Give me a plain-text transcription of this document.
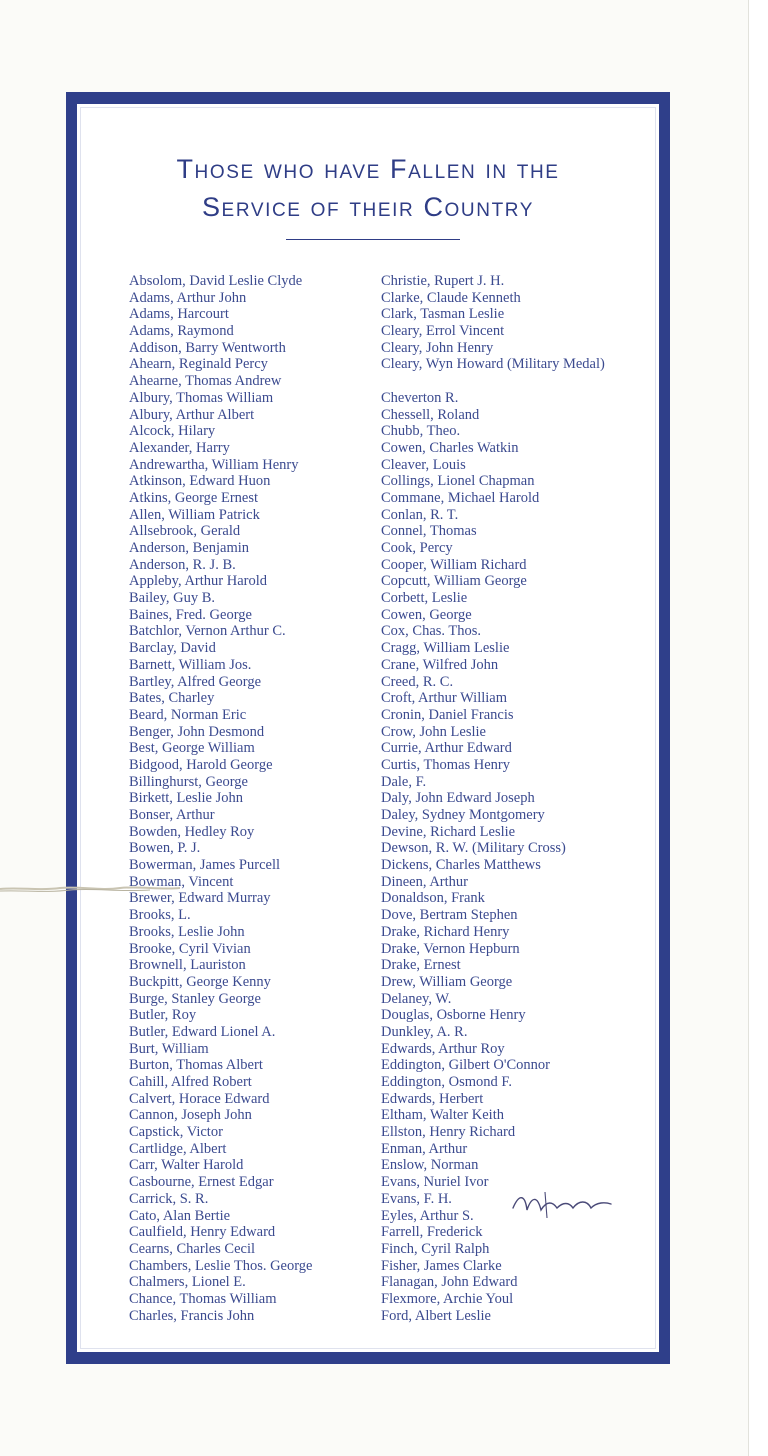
Those who have Fallen in the
Service of their Country
Absolom, David Leslie Clyde
Adams, Arthur John
Adams, Harcourt
Adams, Raymond
Addison, Barry Wentworth
Ahearn, Reginald Percy
Ahearne, Thomas Andrew
Albury, Thomas William
Albury, Arthur Albert
Alcock, Hilary
Alexander, Harry
Andrewartha, William Henry
Atkinson, Edward Huon
Atkins, George Ernest
Allen, William Patrick
Allsebrook, Gerald
Anderson, Benjamin
Anderson, R. J. B.
Appleby, Arthur Harold
Bailey, Guy B.
Baines, Fred. George
Batchlor, Vernon Arthur C.
Barclay, David
Barnett, William Jos.
Bartley, Alfred George
Bates, Charley
Beard, Norman Eric
Benger, John Desmond
Best, George William
Bidgood, Harold George
Billinghurst, George
Birkett, Leslie John
Bonser, Arthur
Bowden, Hedley Roy
Bowen, P. J.
Bowerman, James Purcell
Bowman, Vincent
Brewer, Edward Murray
Brooks, L.
Brooks, Leslie John
Brooke, Cyril Vivian
Brownell, Lauriston
Buckpitt, George Kenny
Burge, Stanley George
Butler, Roy
Butler, Edward Lionel A.
Burt, William
Burton, Thomas Albert
Cahill, Alfred Robert
Calvert, Horace Edward
Cannon, Joseph John
Capstick, Victor
Cartlidge, Albert
Carr, Walter Harold
Casbourne, Ernest Edgar
Carrick, S. R.
Cato, Alan Bertie
Caulfield, Henry Edward
Cearns, Charles Cecil
Chambers, Leslie Thos. George
Chalmers, Lionel E.
Chance, Thomas William
Charles, Francis John
Christie, Rupert J. H.
Clarke, Claude Kenneth
Clark, Tasman Leslie
Cleary, Errol Vincent
Cleary, John Henry
Cleary, Wyn Howard (Military Medal)
Cheverton R.
Chessell, Roland
Chubb, Theo.
Cowen, Charles Watkin
Cleaver, Louis
Collings, Lionel Chapman
Commane, Michael Harold
Conlan, R. T.
Connel, Thomas
Cook, Percy
Cooper, William Richard
Copcutt, William George
Corbett, Leslie
Cowen, George
Cox, Chas. Thos.
Cragg, William Leslie
Crane, Wilfred John
Creed, R. C.
Croft, Arthur William
Cronin, Daniel Francis
Crow, John Leslie
Currie, Arthur Edward
Curtis, Thomas Henry
Dale, F.
Daly, John Edward Joseph
Daley, Sydney Montgomery
Devine, Richard Leslie
Dewson, R. W. (Military Cross)
Dickens, Charles Matthews
Dineen, Arthur
Donaldson, Frank
Dove, Bertram Stephen
Drake, Richard Henry
Drake, Vernon Hepburn
Drake, Ernest
Drew, William George
Delaney, W.
Douglas, Osborne Henry
Dunkley, A. R.
Edwards, Arthur Roy
Eddington, Gilbert O'Connor
Eddington, Osmond F.
Edwards, Herbert
Eltham, Walter Keith
Ellston, Henry Richard
Enman, Arthur
Enslow, Norman
Evans, Nuriel Ivor
Evans, F. H.
Eyles, Arthur S.
Farrell, Frederick
Finch, Cyril Ralph
Fisher, James Clarke
Flanagan, John Edward
Flexmore, Archie Youl
Ford, Albert Leslie
